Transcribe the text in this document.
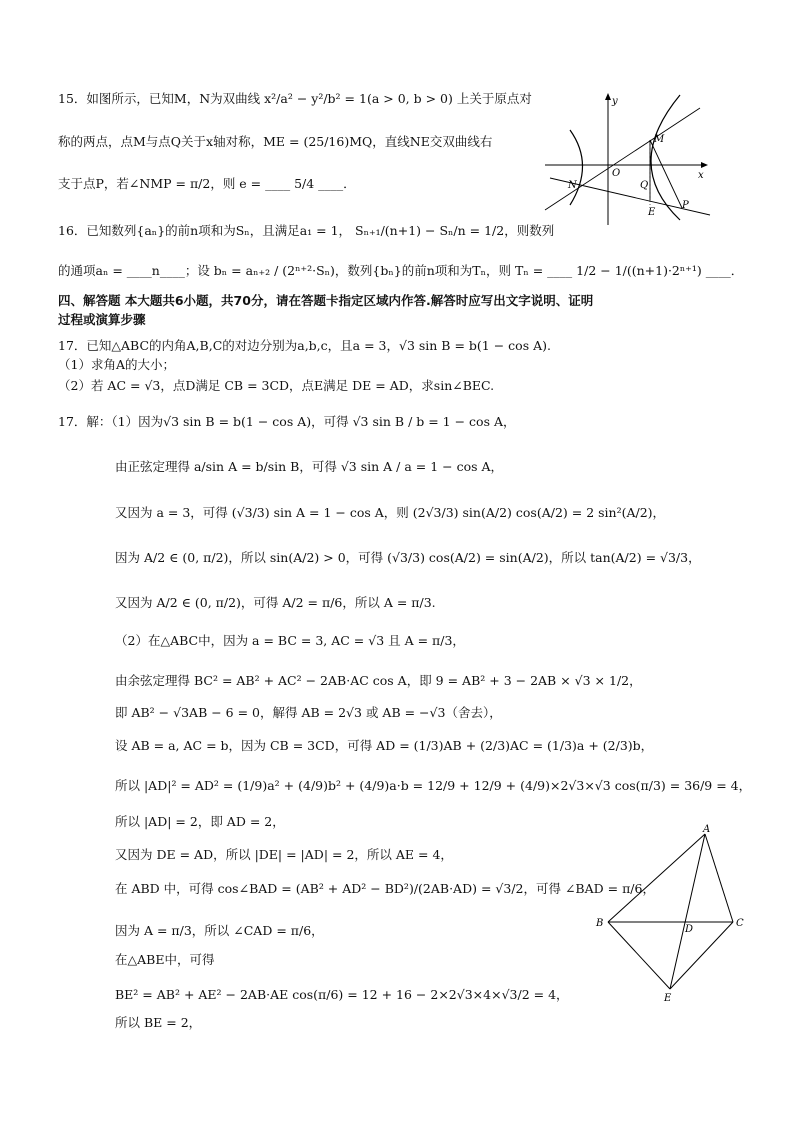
15．如图所示，已知M，N为双曲线 x²/a² − y²/b² = 1(a > 0, b > 0) 上关于原点对
称的两点，点M与点Q关于x轴对称，ME = (25/16)MQ，直线NE交双曲线右
支于点P，若∠NMP = π/2，则 e = ____ 5/4 ____．
y
x
O
M
N	Q
E
P
16．已知数列{aₙ}的前n项和为Sₙ，且满足a₁ = 1， Sₙ₊₁/(n+1) − Sₙ/n = 1/2，则数列
的通项aₙ = ____n____；设 bₙ = aₙ₊₂ / (2ⁿ⁺²·Sₙ)，数列{bₙ}的前n项和为Tₙ，则 Tₙ = ____ 1/2 − 1/((n+1)·2ⁿ⁺¹) ____．
四、解答题 本大题共6小题，共70分，请在答题卡指定区域内作答.解答时应写出文字说明、证明
过程或演算步骤
17．已知△ABC的内角A,B,C的对边分别为a,b,c，且a = 3，√3 sin B = b(1 − cos A).
（1）求角A的大小；
（2）若 AC = √3，点D满足 CB = 3CD，点E满足 DE = AD，求sin∠BEC.
17．解：（1）因为√3 sin B = b(1 − cos A)，可得 √3 sin B / b = 1 − cos A，
由正弦定理得 a/sin A = b/sin B，可得 √3 sin A / a = 1 − cos A，
又因为 a = 3，可得 (√3/3) sin A = 1 − cos A，则 (2√3/3) sin(A/2) cos(A/2) = 2 sin²(A/2)，
因为 A/2 ∈ (0, π/2)，所以 sin(A/2) > 0，可得 (√3/3) cos(A/2) = sin(A/2)，所以 tan(A/2) = √3/3，
又因为 A/2 ∈ (0, π/2)，可得 A/2 = π/6，所以 A = π/3.
（2）在△ABC中，因为 a = BC = 3, AC = √3 且 A = π/3，
由余弦定理得 BC² = AB² + AC² − 2AB·AC cos A，即 9 = AB² + 3 − 2AB × √3 × 1/2，
即 AB² − √3AB − 6 = 0，解得 AB = 2√3 或 AB = −√3（舍去），
设 AB = a, AC = b，因为 CB = 3CD，可得 AD = (1/3)AB + (2/3)AC = (1/3)a + (2/3)b，
所以 |AD|² = AD² = (1/9)a² + (4/9)b² + (4/9)a·b = 12/9 + 12/9 + (4/9)×2√3×√3 cos(π/3) = 36/9 = 4，
所以 |AD| = 2，即 AD = 2，
又因为 DE = AD，所以 |DE| = |AD| = 2，所以 AE = 4，
在 ABD 中，可得 cos∠BAD = (AB² + AD² − BD²)/(2AB·AD) = √3/2，可得 ∠BAD = π/6，
因为 A = π/3，所以 ∠CAD = π/6，
在△ABE中，可得
BE² = AB² + AE² − 2AB·AE cos(π/6) = 12 + 16 − 2×2√3×4×√3/2 = 4，
所以 BE = 2，
A
B	C
D
E
